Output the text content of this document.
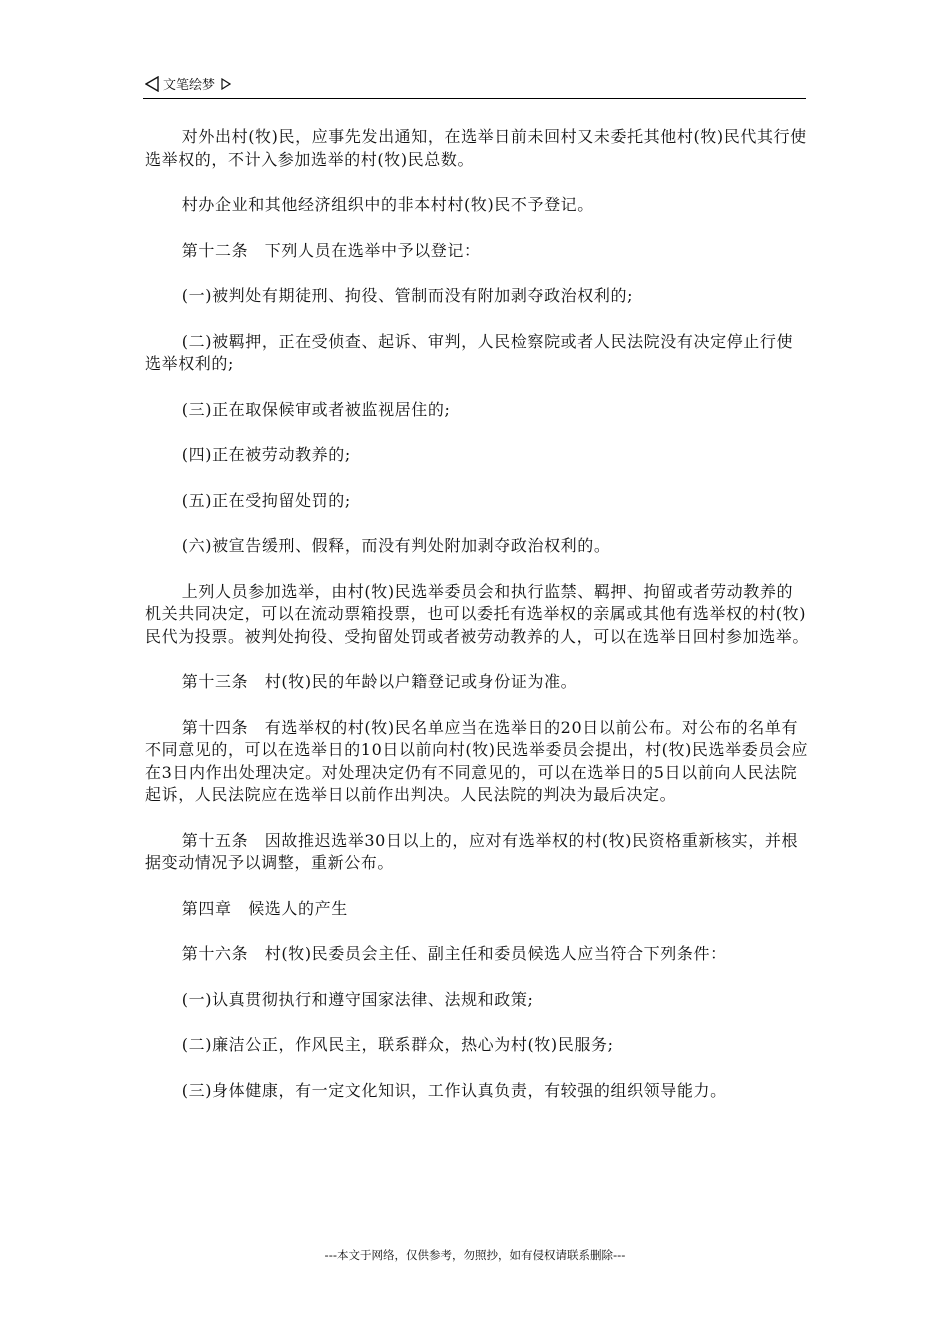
文笔绘梦

对外出村(牧)民，应事先发出通知，在选举日前未回村又未委托其他村(牧)民代其行使选举权的，不计入参加选举的村(牧)民总数。

村办企业和其他经济组织中的非本村村(牧)民不予登记。

第十二条　下列人员在选举中予以登记：

(一)被判处有期徒刑、拘役、管制而没有附加剥夺政治权利的;

(二)被羁押，正在受侦查、起诉、审判，人民检察院或者人民法院没有决定停止行使选举权利的;

(三)正在取保候审或者被监视居住的;

(四)正在被劳动教养的;

(五)正在受拘留处罚的;

(六)被宣告缓刑、假释，而没有判处附加剥夺政治权利的。

上列人员参加选举，由村(牧)民选举委员会和执行监禁、羁押、拘留或者劳动教养的机关共同决定，可以在流动票箱投票，也可以委托有选举权的亲属或其他有选举权的村(牧)民代为投票。被判处拘役、受拘留处罚或者被劳动教养的人，可以在选举日回村参加选举。

第十三条　村(牧)民的年龄以户籍登记或身份证为准。

第十四条　有选举权的村(牧)民名单应当在选举日的20日以前公布。对公布的名单有不同意见的，可以在选举日的10日以前向村(牧)民选举委员会提出，村(牧)民选举委员会应在3日内作出处理决定。对处理决定仍有不同意见的，可以在选举日的5日以前向人民法院起诉，人民法院应在选举日以前作出判决。人民法院的判决为最后决定。

第十五条　因故推迟选举30日以上的，应对有选举权的村(牧)民资格重新核实，并根据变动情况予以调整，重新公布。

第四章　候选人的产生

第十六条　村(牧)民委员会主任、副主任和委员候选人应当符合下列条件：

(一)认真贯彻执行和遵守国家法律、法规和政策;

(二)廉洁公正，作风民主，联系群众，热心为村(牧)民服务;

(三)身体健康，有一定文化知识，工作认真负责，有较强的组织领导能力。

---本文于网络，仅供参考，勿照抄，如有侵权请联系删除---
